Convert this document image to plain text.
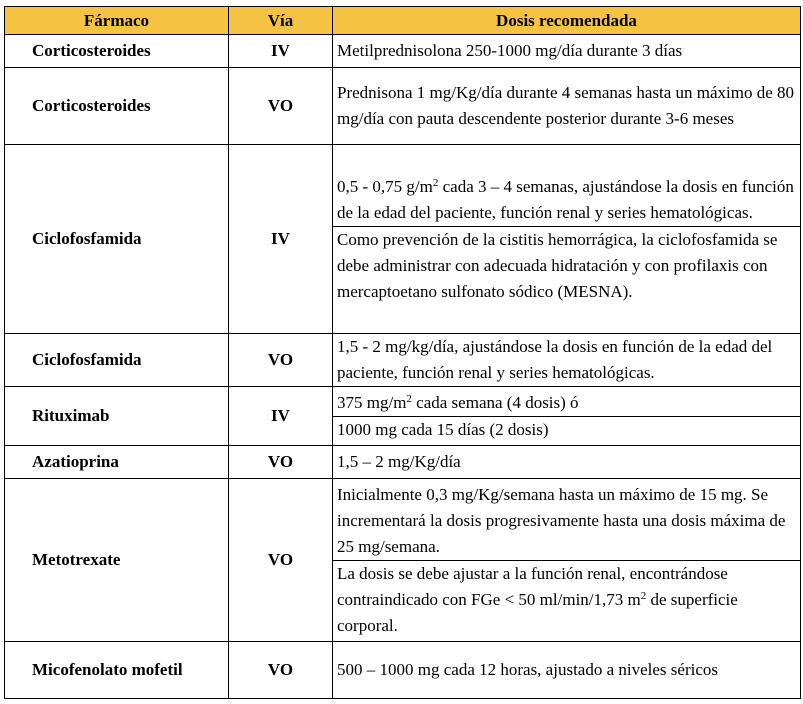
Fármaco	Vía	Dosis recomendada
Corticosteroides	IV	Metilprednisolona 250-1000 mg/día durante 3 días
Corticosteroides	VO	Prednisona 1 mg/Kg/día durante 4 semanas hasta un máximo de 80 mg/día con pauta descendente posterior durante 3-6 meses
Ciclofosfamida	IV	0,5 - 0,75 $g/m^2$ cada 3 – 4 semanas, ajustándose la dosis en función de la edad del paciente, función renal y series hematológicas.
Como prevención de la cistitis hemorrágica, la ciclofosfamida se debe administrar con adecuada hidratación y con profilaxis con mercaptoetano sulfonato sódico (MESNA).

Ciclofosfamida	VO	1,5 - 2 mg/kg/día, ajustándose la dosis en función de la edad del paciente, función renal y series hematológicas.
Rituximab	IV	375 $mg/m^2$ cada semana (4 dosis) ó
1000 mg cada 15 días (2 dosis)

Azatioprina	VO	1,5 – 2 mg/Kg/día
Metotrexate	VO	Inicialmente 0,3 mg/Kg/semana hasta un máximo de 15 mg. Se incrementará la dosis progresivamente hasta una dosis máxima de 25 mg/semana.
La dosis se debe ajustar a la función renal, encontrándose contraindicado con FGe < 50 ml/min/1,73 $m^2$ de superficie corporal.

Micofenolato mofetil	VO	500 – 1000 mg cada 12 horas, ajustado a niveles séricos
